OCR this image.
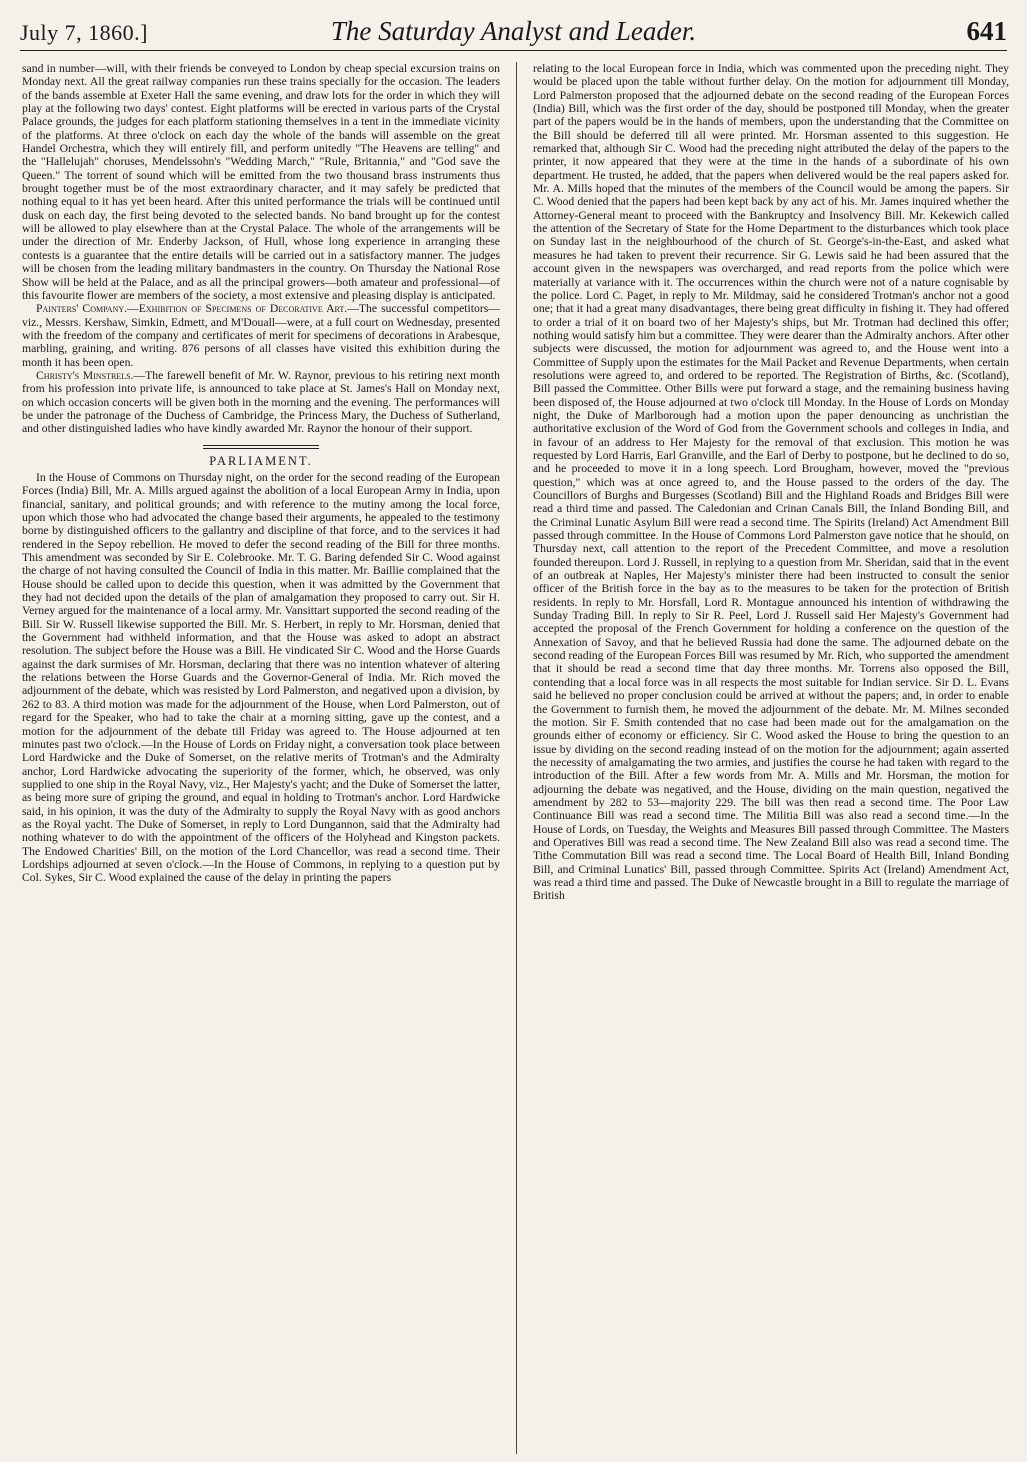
July 7, 1860.]	The Saturday Analyst and Leader.	641

sand in number—will, with their friends be conveyed to London by cheap special excursion trains on Monday next. All the great railway companies run these trains specially for the occasion. The leaders of the bands assemble at Exeter Hall the same evening, and draw lots for the order in which they will play at the following two days' contest. Eight platforms will be erected in various parts of the Crystal Palace grounds, the judges for each platform stationing themselves in a tent in the immediate vicinity of the platforms. At three o'clock on each day the whole of the bands will assemble on the great Handel Orchestra, which they will entirely fill, and perform unitedly "The Heavens are telling" and the "Hallelujah" choruses, Mendelssohn's "Wedding March," "Rule, Britannia," and "God save the Queen." The torrent of sound which will be emitted from the two thousand brass instruments thus brought together must be of the most extraordinary character, and it may safely be predicted that nothing equal to it has yet been heard. After this united performance the trials will be continued until dusk on each day, the first being devoted to the selected bands. No band brought up for the contest will be allowed to play elsewhere than at the Crystal Palace. The whole of the arrangements will be under the direction of Mr. Enderby Jackson, of Hull, whose long experience in arranging these contests is a guarantee that the entire details will be carried out in a satisfactory manner. The judges will be chosen from the leading military bandmasters in the country. On Thursday the National Rose Show will be held at the Palace, and as all the principal growers—both amateur and professional—of this favourite flower are members of the society, a most extensive and pleasing display is anticipated.

Painters' Company.—Exhibition of Specimens of Decorative Art.—The successful competitors—viz., Messrs. Kershaw, Simkin, Edmett, and M'Douall—were, at a full court on Wednesday, presented with the freedom of the company and certificates of merit for specimens of decorations in Arabesque, marbling, graining, and writing. 876 persons of all classes have visited this exhibition during the month it has been open.

Christy's Minstrels.—The farewell benefit of Mr. W. Raynor, previous to his retiring next month from his profession into private life, is announced to take place at St. James's Hall on Monday next, on which occasion concerts will be given both in the morning and the evening. The performances will be under the patronage of the Duchess of Cambridge, the Princess Mary, the Duchess of Sutherland, and other distinguished ladies who have kindly awarded Mr. Raynor the honour of their support.

PARLIAMENT.

In the House of Commons on Thursday night, on the order for the second reading of the European Forces (India) Bill, Mr. A. Mills argued against the abolition of a local European Army in India, upon financial, sanitary, and political grounds; and with reference to the mutiny among the local force, upon which those who had advocated the change based their arguments, he appealed to the testimony borne by distinguished officers to the gallantry and discipline of that force, and to the services it had rendered in the Sepoy rebellion. He moved to defer the second reading of the Bill for three months. This amendment was seconded by Sir E. Colebrooke. Mr. T. G. Baring defended Sir C. Wood against the charge of not having consulted the Council of India in this matter. Mr. Baillie complained that the House should be called upon to decide this question, when it was admitted by the Government that they had not decided upon the details of the plan of amalgamation they proposed to carry out. Sir H. Verney argued for the maintenance of a local army. Mr. Vansittart supported the second reading of the Bill. Sir W. Russell likewise supported the Bill. Mr. S. Herbert, in reply to Mr. Horsman, denied that the Government had withheld information, and that the House was asked to adopt an abstract resolution. The subject before the House was a Bill. He vindicated Sir C. Wood and the Horse Guards against the dark surmises of Mr. Horsman, declaring that there was no intention whatever of altering the relations between the Horse Guards and the Governor-General of India. Mr. Rich moved the adjournment of the debate, which was resisted by Lord Palmerston, and negatived upon a division, by 262 to 83. A third motion was made for the adjournment of the House, when Lord Palmerston, out of regard for the Speaker, who had to take the chair at a morning sitting, gave up the contest, and a motion for the adjournment of the debate till Friday was agreed to. The House adjourned at ten minutes past two o'clock.—In the House of Lords on Friday night, a conversation took place between Lord Hardwicke and the Duke of Somerset, on the relative merits of Trotman's and the Admiralty anchor, Lord Hardwicke advocating the superiority of the former, which, he observed, was only supplied to one ship in the Royal Navy, viz., Her Majesty's yacht; and the Duke of Somerset the latter, as being more sure of griping the ground, and equal in holding to Trotman's anchor. Lord Hardwicke said, in his opinion, it was the duty of the Admiralty to supply the Royal Navy with as good anchors as the Royal yacht. The Duke of Somerset, in reply to Lord Dungannon, said that the Admiralty had nothing whatever to do with the appointment of the officers of the Holyhead and Kingston packets. The Endowed Charities' Bill, on the motion of the Lord Chancellor, was read a second time. Their Lordships adjourned at seven o'clock.—In the House of Commons, in replying to a question put by Col. Sykes, Sir C. Wood explained the cause of the delay in printing the papers

relating to the local European force in India, which was commented upon the preceding night. They would be placed upon the table without further delay. On the motion for adjournment till Monday, Lord Palmerston proposed that the adjourned debate on the second reading of the European Forces (India) Bill, which was the first order of the day, should be postponed till Monday, when the greater part of the papers would be in the hands of members, upon the understanding that the Committee on the Bill should be deferred till all were printed. Mr. Horsman assented to this suggestion. He remarked that, although Sir C. Wood had the preceding night attributed the delay of the papers to the printer, it now appeared that they were at the time in the hands of a subordinate of his own department. He trusted, he added, that the papers when delivered would be the real papers asked for. Mr. A. Mills hoped that the minutes of the members of the Council would be among the papers. Sir C. Wood denied that the papers had been kept back by any act of his. Mr. James inquired whether the Attorney-General meant to proceed with the Bankruptcy and Insolvency Bill. Mr. Kekewich called the attention of the Secretary of State for the Home Department to the disturbances which took place on Sunday last in the neighbourhood of the church of St. George's-in-the-East, and asked what measures he had taken to prevent their recurrence. Sir G. Lewis said he had been assured that the account given in the newspapers was overcharged, and read reports from the police which were materially at variance with it. The occurrences within the church were not of a nature cognisable by the police. Lord C. Paget, in reply to Mr. Mildmay, said he considered Trotman's anchor not a good one; that it had a great many disadvantages, there being great difficulty in fishing it. They had offered to order a trial of it on board two of her Majesty's ships, but Mr. Trotman had declined this offer; nothing would satisfy him but a committee. They were dearer than the Admiralty anchors. After other subjects were discussed, the motion for adjournment was agreed to, and the House went into a Committee of Supply upon the estimates for the Mail Packet and Revenue Departments, when certain resolutions were agreed to, and ordered to be reported. The Registration of Births, &c. (Scotland), Bill passed the Committee. Other Bills were put forward a stage, and the remaining business having been disposed of, the House adjourned at two o'clock till Monday. In the House of Lords on Monday night, the Duke of Marlborough had a motion upon the paper denouncing as unchristian the authoritative exclusion of the Word of God from the Government schools and colleges in India, and in favour of an address to Her Majesty for the removal of that exclusion. This motion he was requested by Lord Harris, Earl Granville, and the Earl of Derby to postpone, but he declined to do so, and he proceeded to move it in a long speech. Lord Brougham, however, moved the "previous question," which was at once agreed to, and the House passed to the orders of the day. The Councillors of Burghs and Burgesses (Scotland) Bill and the Highland Roads and Bridges Bill were read a third time and passed. The Caledonian and Crinan Canals Bill, the Inland Bonding Bill, and the Criminal Lunatic Asylum Bill were read a second time. The Spirits (Ireland) Act Amendment Bill passed through committee. In the House of Commons Lord Palmerston gave notice that he should, on Thursday next, call attention to the report of the Precedent Committee, and move a resolution founded thereupon. Lord J. Russell, in replying to a question from Mr. Sheridan, said that in the event of an outbreak at Naples, Her Majesty's minister there had been instructed to consult the senior officer of the British force in the bay as to the measures to be taken for the protection of British residents. In reply to Mr. Horsfall, Lord R. Montague announced his intention of withdrawing the Sunday Trading Bill. In reply to Sir R. Peel, Lord J. Russell said Her Majesty's Government had accepted the proposal of the French Government for holding a conference on the question of the Annexation of Savoy, and that he believed Russia had done the same. The adjourned debate on the second reading of the European Forces Bill was resumed by Mr. Rich, who supported the amendment that it should be read a second time that day three months. Mr. Torrens also opposed the Bill, contending that a local force was in all respects the most suitable for Indian service. Sir D. L. Evans said he believed no proper conclusion could be arrived at without the papers; and, in order to enable the Government to furnish them, he moved the adjournment of the debate. Mr. M. Milnes seconded the motion. Sir F. Smith contended that no case had been made out for the amalgamation on the grounds either of economy or efficiency. Sir C. Wood asked the House to bring the question to an issue by dividing on the second reading instead of on the motion for the adjournment; again asserted the necessity of amalgamating the two armies, and justifies the course he had taken with regard to the introduction of the Bill. After a few words from Mr. A. Mills and Mr. Horsman, the motion for adjourning the debate was negatived, and the House, dividing on the main question, negatived the amendment by 282 to 53—majority 229. The bill was then read a second time. The Poor Law Continuance Bill was read a second time. The Militia Bill was also read a second time.—In the House of Lords, on Tuesday, the Weights and Measures Bill passed through Committee. The Masters and Operatives Bill was read a second time. The New Zealand Bill also was read a second time. The Tithe Commutation Bill was read a second time. The Local Board of Health Bill, Inland Bonding Bill, and Criminal Lunatics' Bill, passed through Committee. Spirits Act (Ireland) Amendment Act, was read a third time and passed. The Duke of Newcastle brought in a Bill to regulate the marriage of British
